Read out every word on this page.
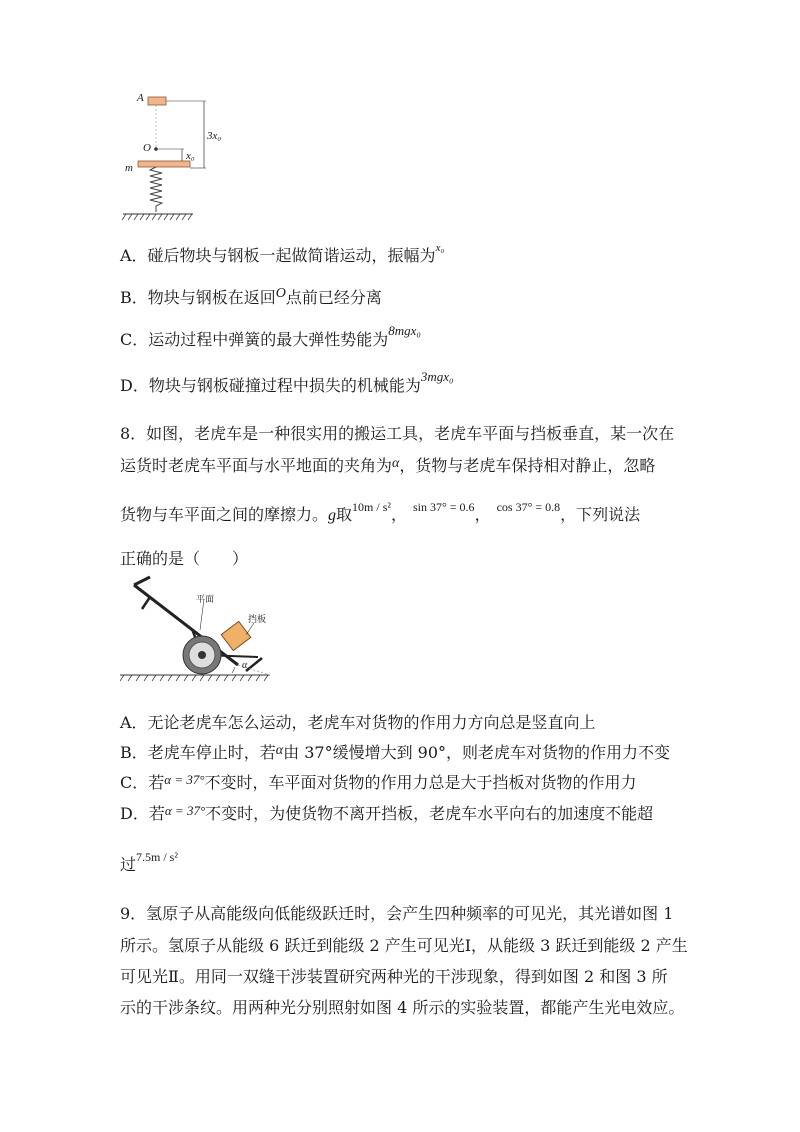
A
O
m
3x₀
x₀
A．碰后物块与钢板一起做简谐运动，振幅为$^{x_0}$
B．物块与钢板在返回O点前已经分离
C．运动过程中弹簧的最大弹性势能为$^{8mgx_0}$
D．物块与钢板碰撞过程中损失的机械能为$^{3mgx_0}$
8．如图，老虎车是一种很实用的搬运工具，老虎车平面与挡板垂直，某一次在
运货时老虎车平面与水平地面的夹角为α，货物与老虎车保持相对静止，忽略
货物与车平面之间的摩擦力。g取$^{10m / s^2}$， $^{sin 37^\circ = 0.6}$， $^{cos 37^\circ = 0.8}$，下列说法
正确的是（　　）
平面
挡板
α
A．无论老虎车怎么运动，老虎车对货物的作用力方向总是竖直向上
B．老虎车停止时，若α由 37°缓慢增大到 90°，则老虎车对货物的作用力不变
C．若$^{\alpha = 37^\circ}$不变时，车平面对货物的作用力总是大于挡板对货物的作用力
D．若$^{\alpha = 37^\circ}$不变时，为使货物不离开挡板，老虎车水平向右的加速度不能超
过$^{7.5m / s^2}$
9．氢原子从高能级向低能级跃迁时，会产生四种频率的可见光，其光谱如图 1
所示。氢原子从能级 6 跃迁到能级 2 产生可见光Ⅰ，从能级 3 跃迁到能级 2 产生
可见光Ⅱ。用同一双缝干涉装置研究两种光的干涉现象，得到如图 2 和图 3 所
示的干涉条纹。用两种光分别照射如图 4 所示的实验装置，都能产生光电效应。
